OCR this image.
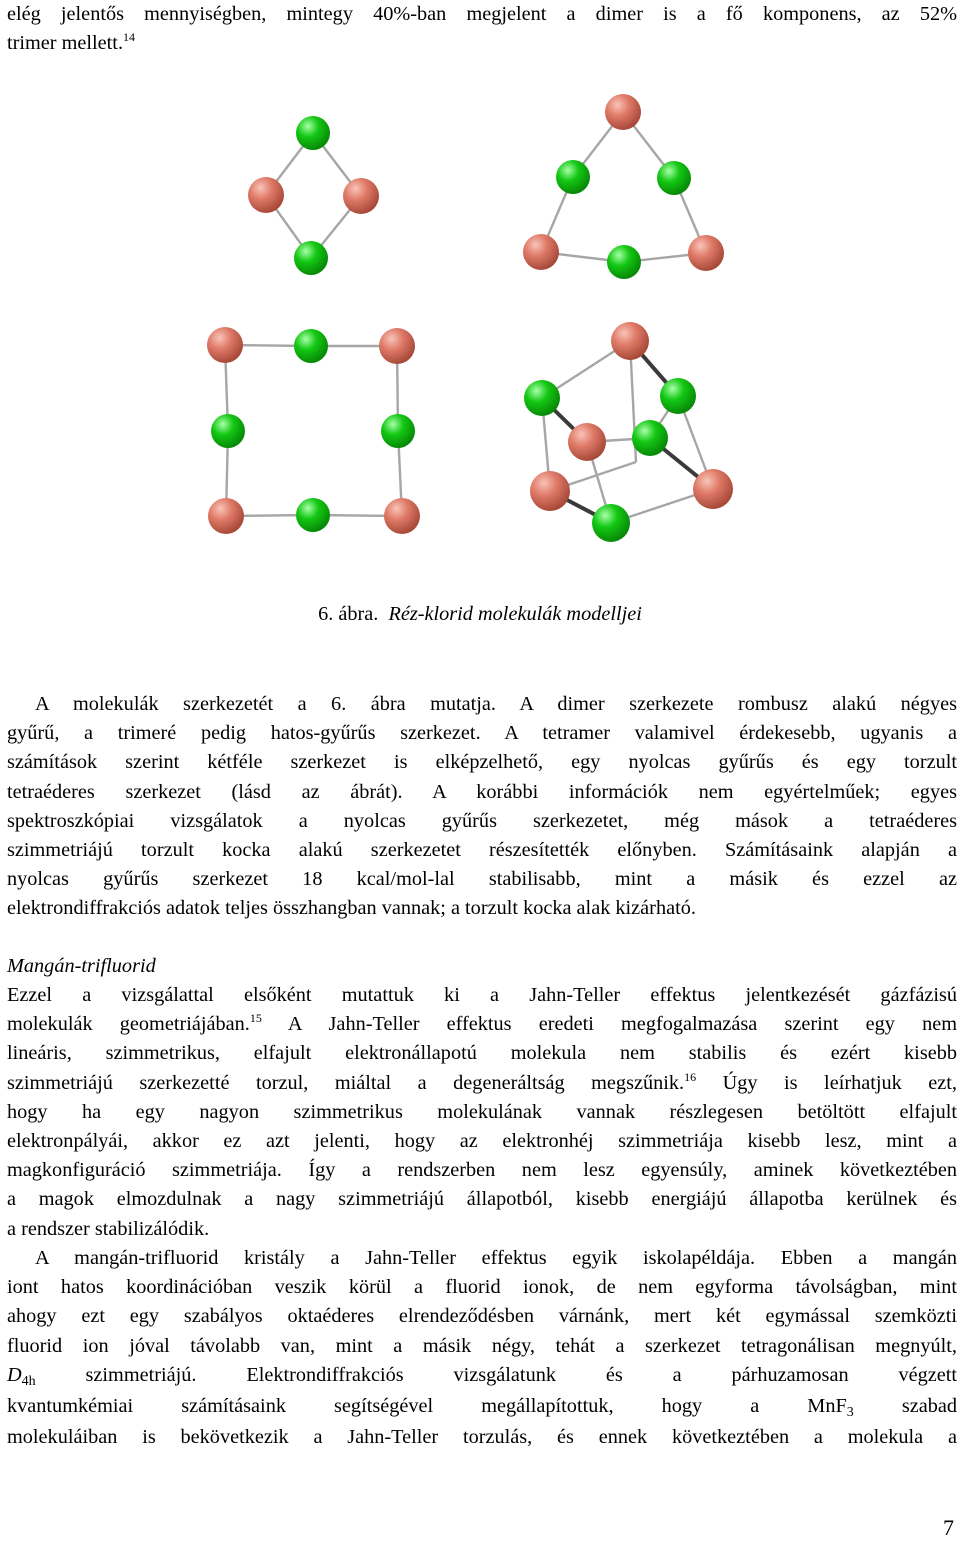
elég jelentős mennyiségben, mintegy 40%-ban megjelent a dimer is a fő komponens, az 52%
trimer mellett.$^{14}$

6. ábra. Réz-klorid molekulák modelljei

A molekulák szerkezetét a 6. ábra mutatja. A dimer szerkezete rombusz alakú négyes
gyűrű, a trimeré pedig hatos-gyűrűs szerkezet. A tetramer valamivel érdekesebb, ugyanis a
számítások szerint kétféle szerkezet is elképzelhető, egy nyolcas gyűrűs és egy torzult
tetraéderes szerkezet (lásd az ábrát). A korábbi információk nem egyértelműek; egyes
spektroszkópiai vizsgálatok a nyolcas gyűrűs szerkezetet, még mások a tetraéderes
szimmetriájú torzult kocka alakú szerkezetet részesítették előnyben. Számításaink alapján a
nyolcas gyűrűs szerkezet 18 kcal/mol-lal stabilisabb, mint a másik és ezzel az
elektrondiffrakciós adatok teljes összhangban vannak; a torzult kocka alak kizárható.

Mangán-trifluorid

Ezzel a vizsgálattal elsőként mutattuk ki a Jahn-Teller effektus jelentkezését gázfázisú
molekulák geometriájában.$^{15}$ A Jahn-Teller effektus eredeti megfogalmazása szerint egy nem
lineáris, szimmetrikus, elfajult elektronállapotú molekula nem stabilis és ezért kisebb
szimmetriájú szerkezetté torzul, miáltal a degeneráltság megszűnik.$^{16}$ Úgy is leírhatjuk ezt,
hogy ha egy nagyon szimmetrikus molekulának vannak részlegesen betöltött elfajult
elektronpályái, akkor ez azt jelenti, hogy az elektronhéj szimmetriája kisebb lesz, mint a
magkonfiguráció szimmetriája. Így a rendszerben nem lesz egyensúly, aminek következtében
a magok elmozdulnak a nagy szimmetriájú állapotból, kisebb energiájú állapotba kerülnek és
a rendszer stabilizálódik.

A mangán-trifluorid kristály a Jahn-Teller effektus egyik iskolapéldája. Ebben a mangán
iont hatos koordinációban veszik körül a fluorid ionok, de nem egyforma távolságban, mint
ahogy ezt egy szabályos oktaéderes elrendeződésben várnánk, mert két egymással szemközti
fluorid ion jóval távolabb van, mint a másik négy, tehát a szerkezet tetragonálisan megnyúlt,
D4h szimmetriájú. Elektrondiffrakciós vizsgálatunk és a párhuzamosan végzett
kvantumkémiai számításaink segítségével megállapítottuk, hogy a MnF3 szabad
molekuláiban is bekövetkezik a Jahn-Teller torzulás, és ennek következtében a molekula a

7
